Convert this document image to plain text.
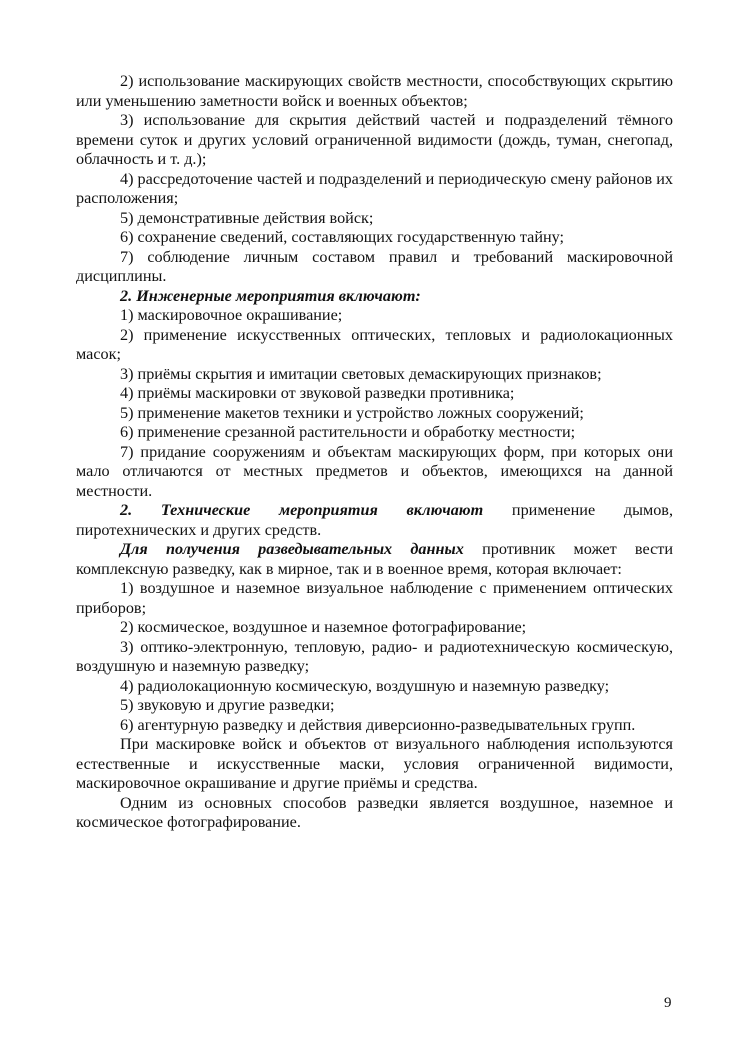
2) использование маскирующих свойств местности, способствующих скрытию или уменьшению заметности войск и военных объектов;

3) использование для скрытия действий частей и подразделений тёмного времени суток и других условий ограниченной видимости (дождь, туман, снегопад, облачность и т. д.);

4) рассредоточение частей и подразделений и периодическую смену районов их расположения;

5) демонстративные действия войск;

6) сохранение сведений, составляющих государственную тайну;

7) соблюдение личным составом правил и требований маскировочной дисциплины.

2. Инженерные мероприятия включают:

1) маскировочное окрашивание;

2) применение искусственных оптических, тепловых и радиолокационных масок;

3) приёмы скрытия и имитации световых демаскирующих признаков;

4) приёмы маскировки от звуковой разведки противника;

5) применение макетов техники и устройство ложных сооружений;

6) применение срезанной растительности и обработку местности;

7) придание сооружениям и объектам маскирующих форм, при которых они мало отличаются от местных предметов и объектов, имеющихся на данной местности.

2. Технические мероприятия включают применение дымов, пиротехнических и других средств.

Для получения разведывательных данных противник может вести комплексную разведку, как в мирное, так и в военное время, которая включает:

1) воздушное и наземное визуальное наблюдение с применением оптических приборов;

2) космическое, воздушное и наземное фотографирование;

3) оптико-электронную, тепловую, радио- и радиотехническую космическую, воздушную и наземную разведку;

4) радиолокационную космическую, воздушную и наземную разведку;

5) звуковую и другие разведки;

6) агентурную разведку и действия диверсионно-разведывательных групп.

При маскировке войск и объектов от визуального наблюдения используются естественные и искусственные маски, условия ограниченной видимости, маскировочное окрашивание и другие приёмы и средства.

Одним из основных способов разведки является воздушное, наземное и космическое фотографирование.

9
